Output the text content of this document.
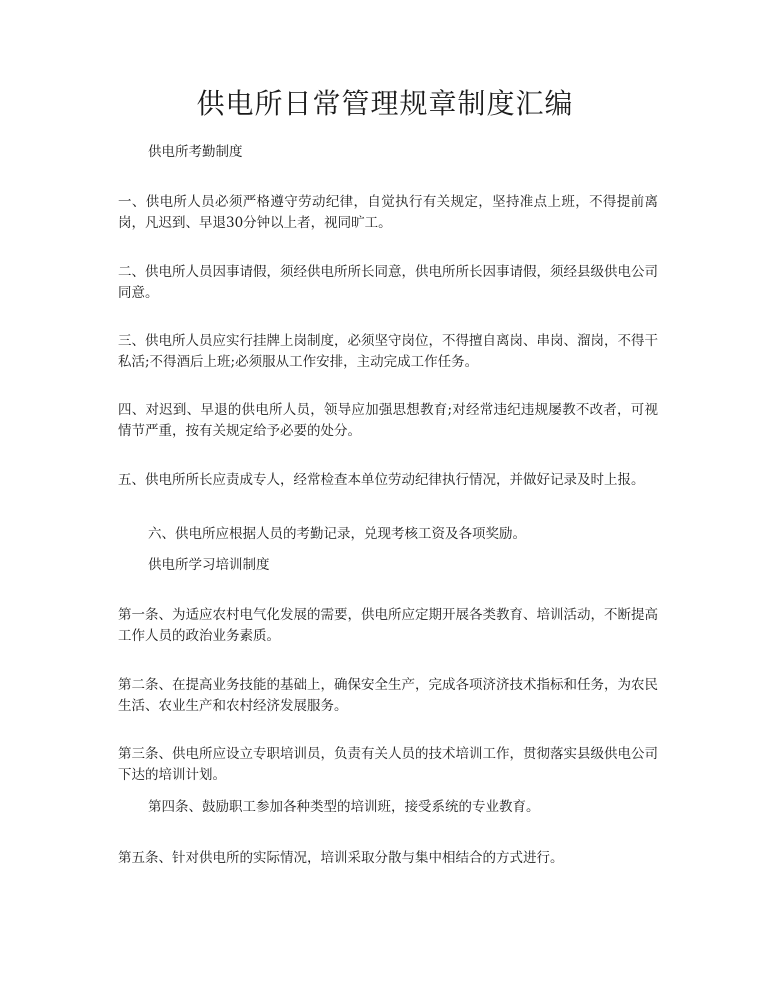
供电所日常管理规章制度汇编

供电所考勤制度

一、供电所人员必须严格遵守劳动纪律，自觉执行有关规定，坚持准点上班，不得提前离岗，凡迟到、早退30分钟以上者，视同旷工。

二、供电所人员因事请假，须经供电所所长同意，供电所所长因事请假，须经县级供电公司同意。

三、供电所人员应实行挂牌上岗制度，必须坚守岗位，不得擅自离岗、串岗、溜岗，不得干私活;不得酒后上班;必须服从工作安排，主动完成工作任务。

四、对迟到、早退的供电所人员，领导应加强思想教育;对经常违纪违规屡教不改者，可视情节严重，按有关规定给予必要的处分。

五、供电所所长应责成专人，经常检查本单位劳动纪律执行情况，并做好记录及时上报。

六、供电所应根据人员的考勤记录，兑现考核工资及各项奖励。

供电所学习培训制度

第一条、为适应农村电气化发展的需要，供电所应定期开展各类教育、培训活动，不断提高工作人员的政治业务素质。

第二条、在提高业务技能的基础上，确保安全生产，完成各项济济技术指标和任务，为农民生活、农业生产和农村经济发展服务。

第三条、供电所应设立专职培训员，负责有关人员的技术培训工作，贯彻落实县级供电公司下达的培训计划。

第四条、鼓励职工参加各种类型的培训班，接受系统的专业教育。

第五条、针对供电所的实际情况，培训采取分散与集中相结合的方式进行。
